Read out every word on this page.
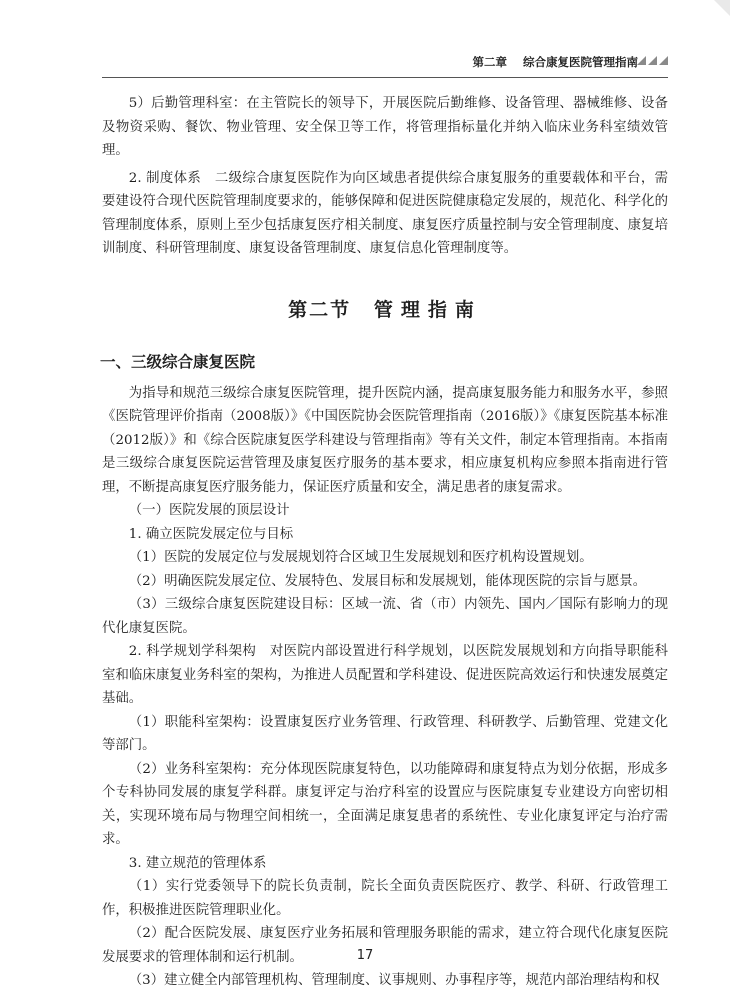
第二章 综合康复医院管理指南

5）后勤管理科室：在主管院长的领导下，开展医院后勤维修、设备管理、器械维修、设备及物资采购、餐饮、物业管理、安全保卫等工作，将管理指标量化并纳入临床业务科室绩效管理。

2. 制度体系　二级综合康复医院作为向区域患者提供综合康复服务的重要载体和平台，需要建设符合现代医院管理制度要求的，能够保障和促进医院健康稳定发展的，规范化、科学化的管理制度体系，原则上至少包括康复医疗相关制度、康复医疗质量控制与安全管理制度、康复培训制度、科研管理制度、康复设备管理制度、康复信息化管理制度等。

第二节 管理指南
一、三级综合康复医院

为指导和规范三级综合康复医院管理，提升医院内涵，提高康复服务能力和服务水平，参照《医院管理评价指南（2008版）》《中国医院协会医院管理指南（2016版）》《康复医院基本标准（2012版）》和《综合医院康复医学科建设与管理指南》等有关文件，制定本管理指南。本指南是三级综合康复医院运营管理及康复医疗服务的基本要求，相应康复机构应参照本指南进行管理，不断提高康复医疗服务能力，保证医疗质量和安全，满足患者的康复需求。

（一）医院发展的顶层设计

1. 确立医院发展定位与目标

（1）医院的发展定位与发展规划符合区域卫生发展规划和医疗机构设置规划。

（2）明确医院发展定位、发展特色、发展目标和发展规划，能体现医院的宗旨与愿景。

（3）三级综合康复医院建设目标：区域一流、省（市）内领先、国内／国际有影响力的现代化康复医院。

2. 科学规划学科架构　对医院内部设置进行科学规划，以医院发展规划和方向指导职能科室和临床康复业务科室的架构，为推进人员配置和学科建设、促进医院高效运行和快速发展奠定基础。

（1）职能科室架构：设置康复医疗业务管理、行政管理、科研教学、后勤管理、党建文化等部门。

（2）业务科室架构：充分体现医院康复特色，以功能障碍和康复特点为划分依据，形成多个专科协同发展的康复学科群。康复评定与治疗科室的设置应与医院康复专业建设方向密切相关，实现环境布局与物理空间相统一，全面满足康复患者的系统性、专业化康复评定与治疗需求。

3. 建立规范的管理体系

（1）实行党委领导下的院长负责制，院长全面负责医院医疗、教学、科研、行政管理工作，积极推进医院管理职业化。

（2）配合医院发展、康复医疗业务拓展和管理服务职能的需求，建立符合现代化康复医院发展要求的管理体制和运行机制。

（3）建立健全内部管理机构、管理制度、议事规则、办事程序等，规范内部治理结构和权

17
